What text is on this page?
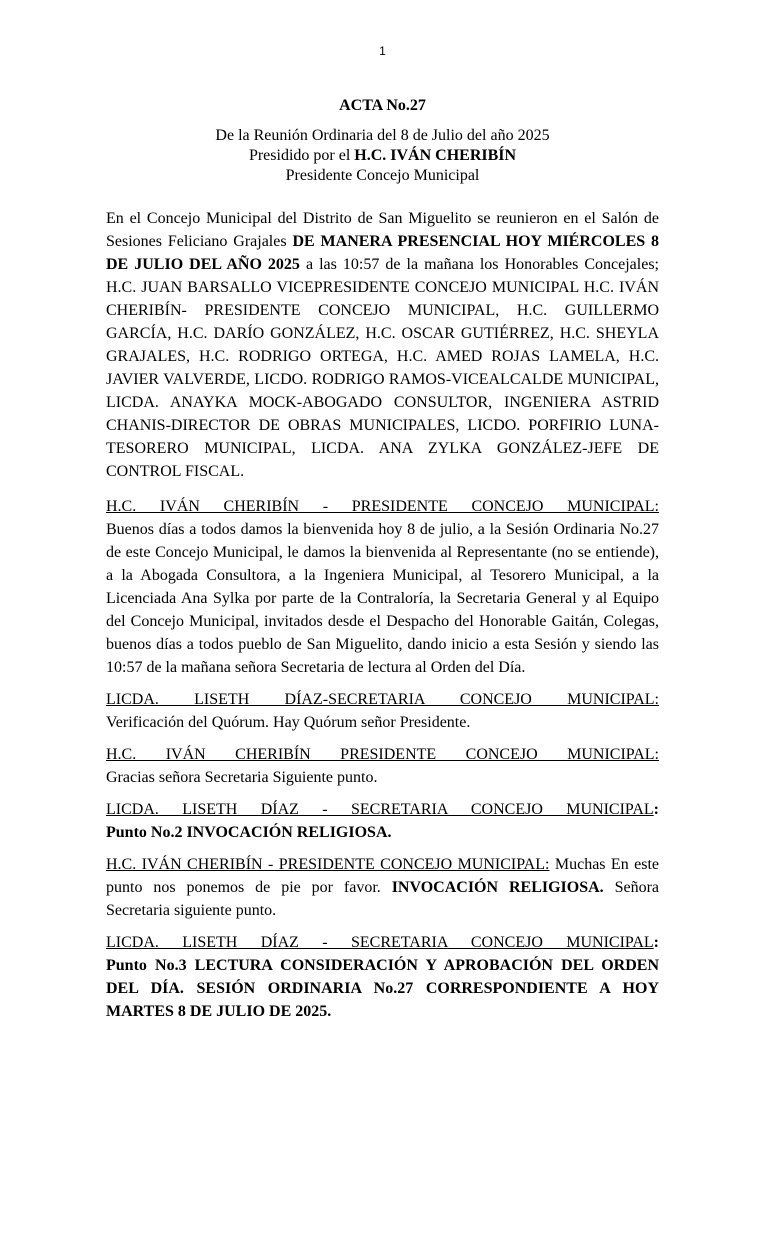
1
ACTA No.27
De la Reunión Ordinaria del 8 de Julio del año 2025
Presidido por el H.C. IVÁN CHERIBÍN
Presidente Concejo Municipal

En el Concejo Municipal del Distrito de San Miguelito se reunieron en el Salón de Sesiones Feliciano Grajales DE MANERA PRESENCIAL HOY MIÉRCOLES 8 DE JULIO DEL AÑO 2025 a las 10:57 de la mañana los Honorables Concejales; H.C. JUAN BARSALLO VICEPRESIDENTE CONCEJO MUNICIPAL H.C. IVÁN CHERIBÍN- PRESIDENTE CONCEJO MUNICIPAL, H.C. GUILLERMO GARCÍA, H.C. DARÍO GONZÁLEZ, H.C. OSCAR GUTIÉRREZ, H.C. SHEYLA GRAJALES, H.C. RODRIGO ORTEGA, H.C. AMED ROJAS LAMELA, H.C. JAVIER VALVERDE, LICDO. RODRIGO RAMOS-VICEALCALDE MUNICIPAL, LICDA. ANAYKA MOCK-ABOGADO CONSULTOR, INGENIERA ASTRID CHANIS-DIRECTOR DE OBRAS MUNICIPALES, LICDO. PORFIRIO LUNA-TESORERO MUNICIPAL, LICDA. ANA ZYLKA GONZÁLEZ-JEFE DE CONTROL FISCAL.

H.C. IVÁN CHERIBÍN - PRESIDENTE CONCEJO MUNICIPAL:
Buenos días a todos damos la bienvenida hoy 8 de julio, a la Sesión Ordinaria No.27 de este Concejo Municipal, le damos la bienvenida al Representante (no se entiende), a la Abogada Consultora, a la Ingeniera Municipal, al Tesorero Municipal, a la Licenciada Ana Sylka por parte de la Contraloría, la Secretaria General y al Equipo del Concejo Municipal, invitados desde el Despacho del Honorable Gaitán, Colegas, buenos días a todos pueblo de San Miguelito, dando inicio a esta Sesión y siendo las 10:57 de la mañana señora Secretaria de lectura al Orden del Día.

LICDA. LISETH DÍAZ-SECRETARIA CONCEJO MUNICIPAL:
Verificación del Quórum. Hay Quórum señor Presidente.

H.C. IVÁN CHERIBÍN PRESIDENTE CONCEJO MUNICIPAL:
Gracias señora Secretaria Siguiente punto.

LICDA. LISETH DÍAZ - SECRETARIA CONCEJO MUNICIPAL:
Punto No.2 INVOCACIÓN RELIGIOSA.

H.C. IVÁN CHERIBÍN - PRESIDENTE CONCEJO MUNICIPAL: Muchas En este punto nos ponemos de pie por favor. INVOCACIÓN RELIGIOSA. Señora Secretaria siguiente punto.

LICDA. LISETH DÍAZ - SECRETARIA CONCEJO MUNICIPAL:
Punto No.3 LECTURA CONSIDERACIÓN Y APROBACIÓN DEL ORDEN DEL DÍA. SESIÓN ORDINARIA No.27 CORRESPONDIENTE A HOY MARTES 8 DE JULIO DE 2025.
